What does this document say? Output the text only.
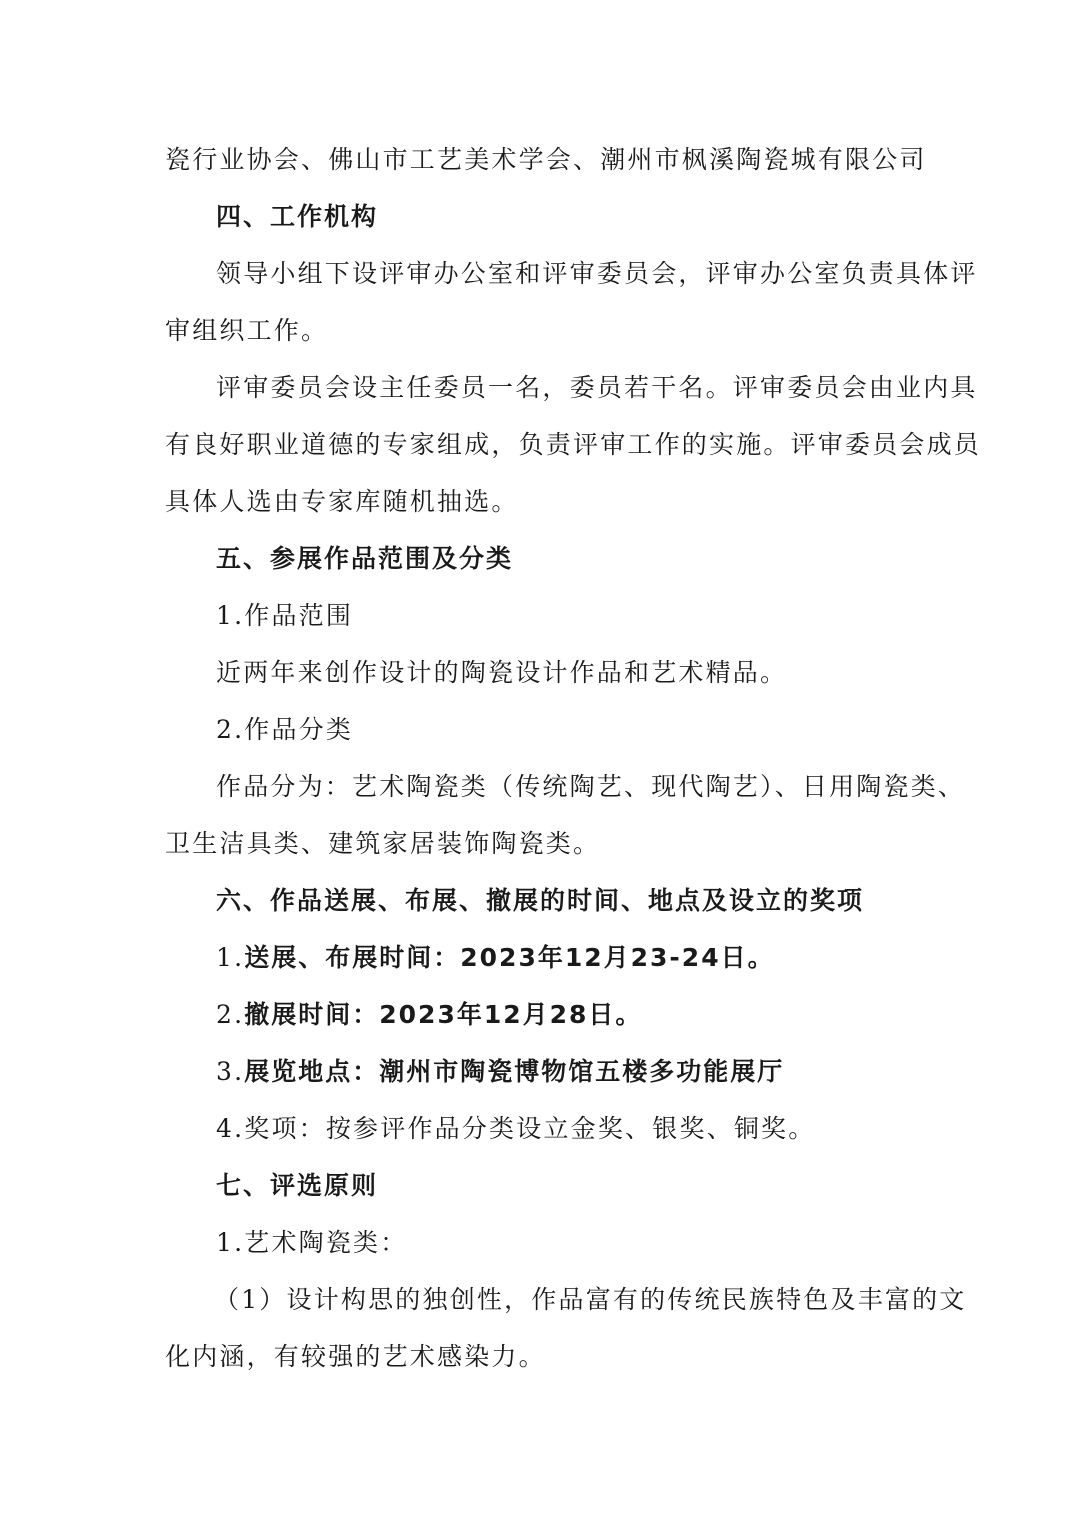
瓷行业协会、佛山市工艺美术学会、潮州市枫溪陶瓷城有限公司
四、工作机构
领导小组下设评审办公室和评审委员会，评审办公室负责具体评
审组织工作。
评审委员会设主任委员一名，委员若干名。评审委员会由业内具
有良好职业道德的专家组成，负责评审工作的实施。评审委员会成员
具体人选由专家库随机抽选。
五、参展作品范围及分类
1.作品范围
近两年来创作设计的陶瓷设计作品和艺术精品。
2.作品分类
作品分为：艺术陶瓷类（传统陶艺、现代陶艺）、日用陶瓷类、
卫生洁具类、建筑家居装饰陶瓷类。
六、作品送展、布展、撤展的时间、地点及设立的奖项
1.送展、布展时间：2023年12月23-24日。
2.撤展时间：2023年12月28日。
3.展览地点：潮州市陶瓷博物馆五楼多功能展厅
4.奖项：按参评作品分类设立金奖、银奖、铜奖。
七、评选原则
1.艺术陶瓷类：
（1）设计构思的独创性，作品富有的传统民族特色及丰富的文
化内涵，有较强的艺术感染力。
